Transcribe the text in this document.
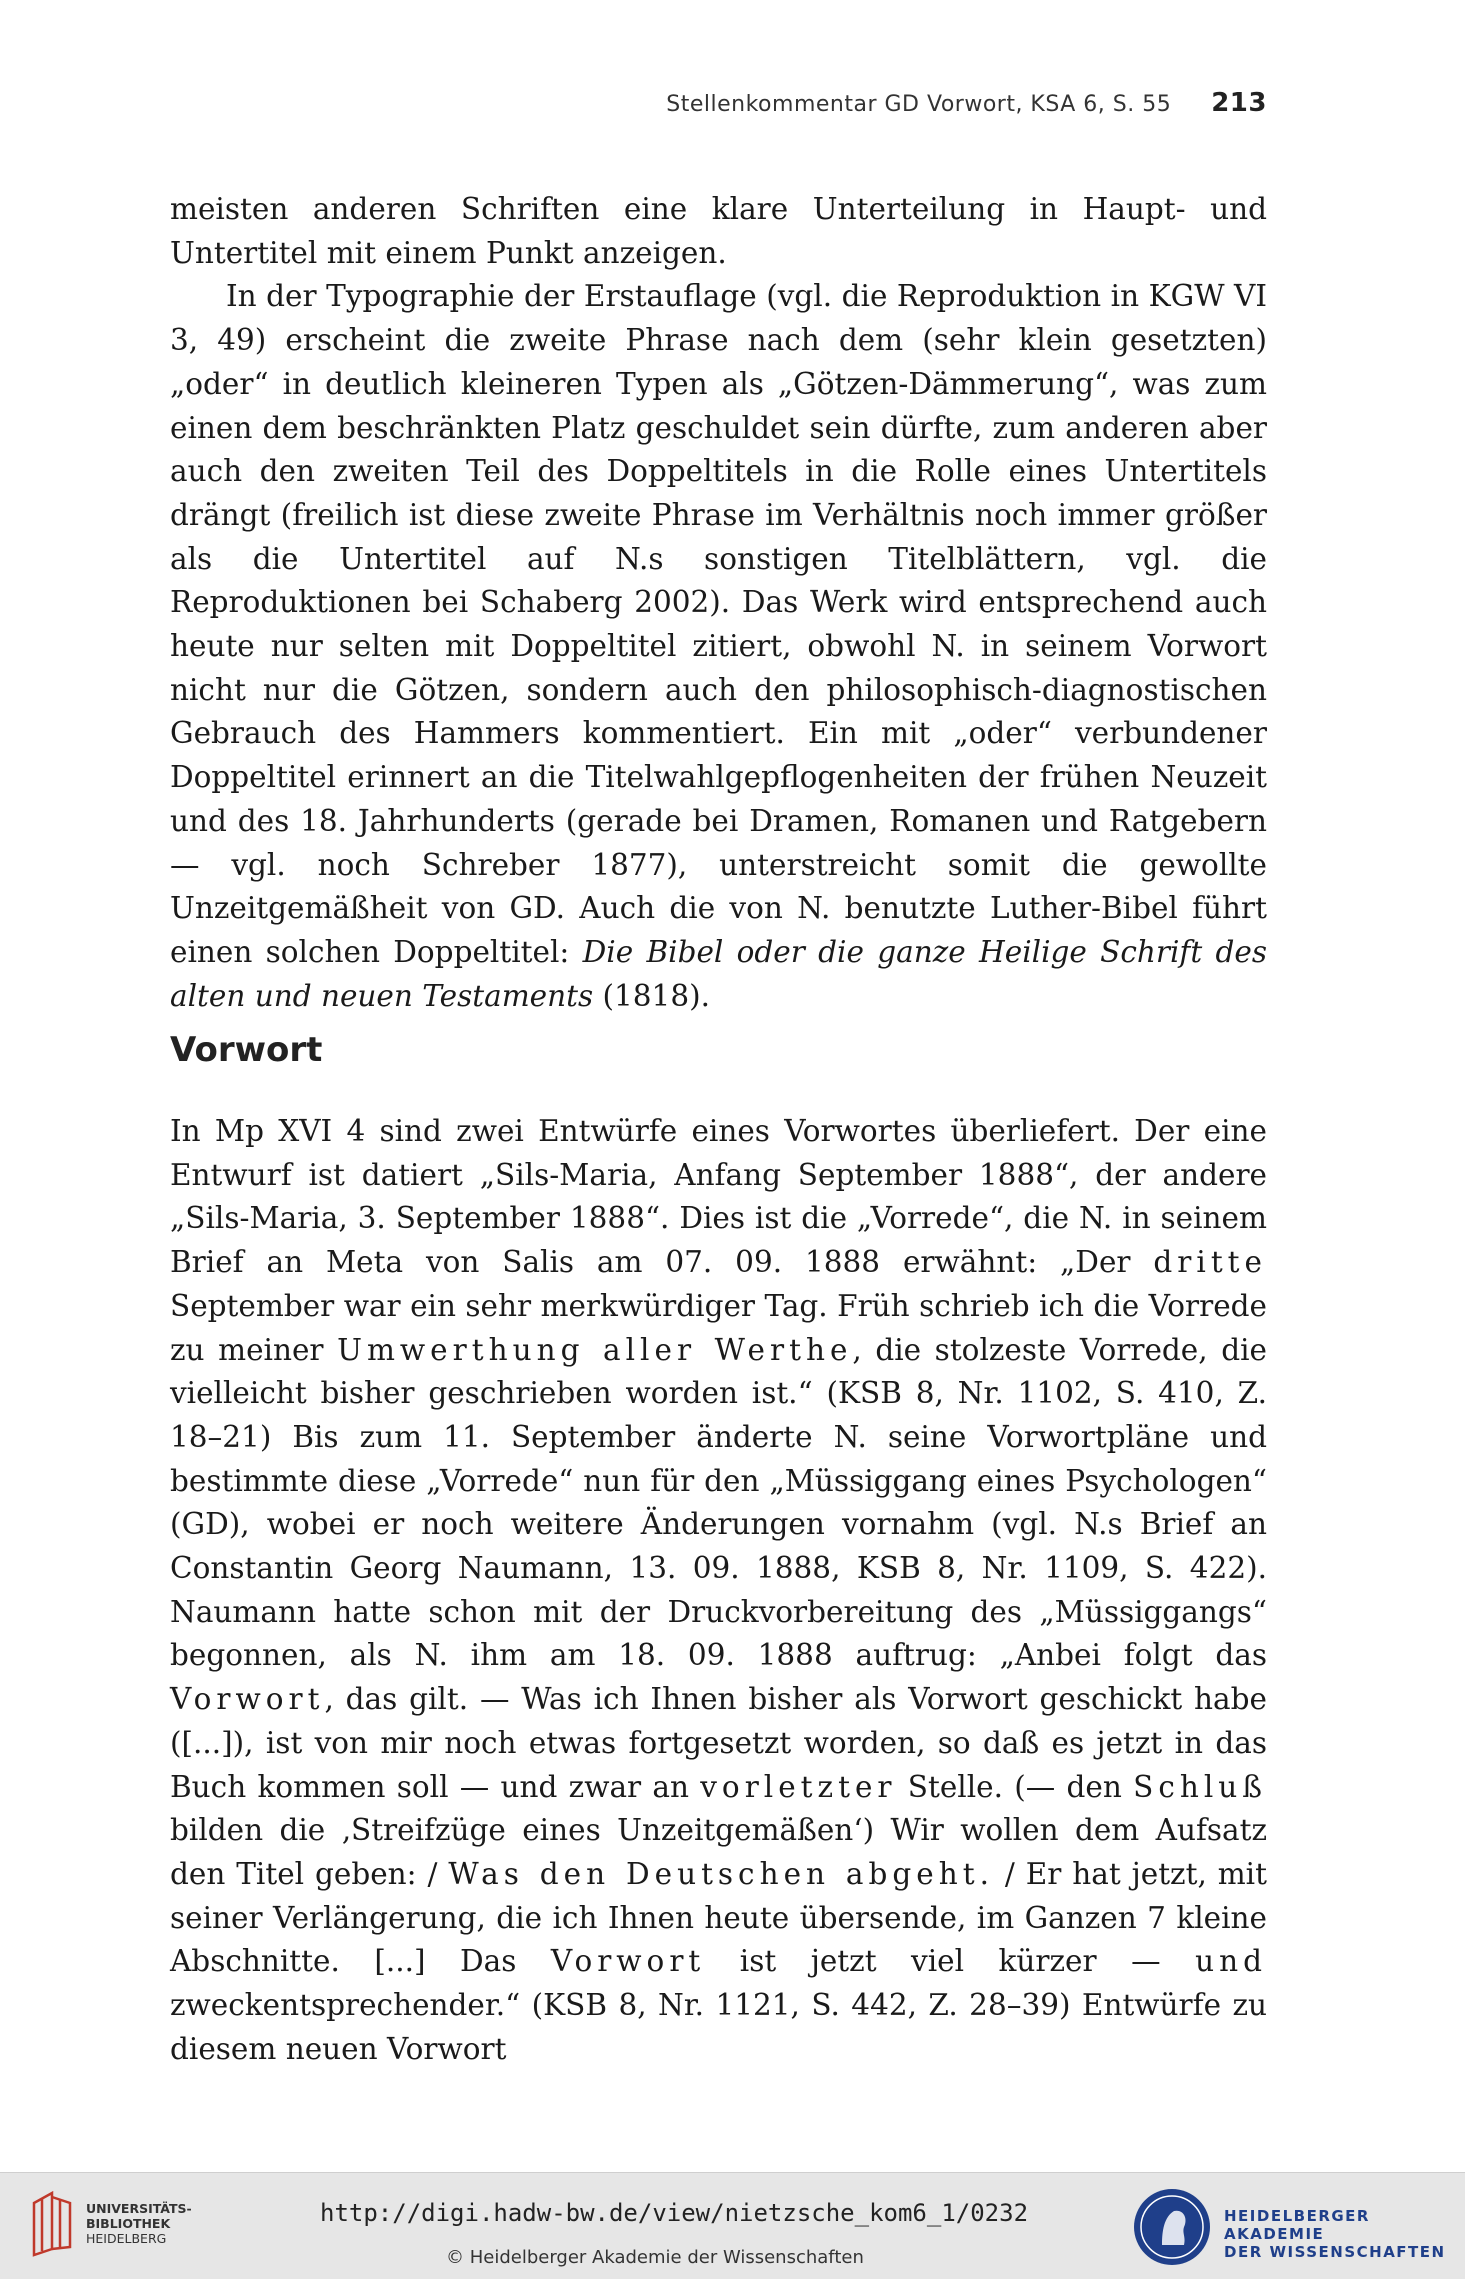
Stellenkommentar GD Vorwort, KSA 6, S. 55 213

meisten anderen Schriften eine klare Unterteilung in Haupt- und Untertitel mit einem Punkt anzeigen.

In der Typographie der Erstauflage (vgl. die Reproduktion in KGW VI 3, 49) erscheint die zweite Phrase nach dem (sehr klein gesetzten) „oder“ in deutlich kleineren Typen als „Götzen-Dämmerung“, was zum einen dem beschränkten Platz geschuldet sein dürfte, zum anderen aber auch den zweiten Teil des Doppeltitels in die Rolle eines Untertitels drängt (freilich ist diese zweite Phrase im Verhältnis noch immer größer als die Untertitel auf N.s sonstigen Titelblättern, vgl. die Reproduktionen bei Schaberg 2002). Das Werk wird entsprechend auch heute nur selten mit Doppeltitel zitiert, obwohl N. in seinem Vorwort nicht nur die Götzen, sondern auch den philosophisch-diagnostischen Gebrauch des Hammers kommentiert. Ein mit „oder“ verbundener Doppeltitel erinnert an die Titelwahlgepflogenheiten der frühen Neuzeit und des 18. Jahrhunderts (gerade bei Dramen, Romanen und Ratgebern — vgl. noch Schreber 1877), unterstreicht somit die gewollte Unzeitgemäßheit von GD. Auch die von N. benutzte Luther-Bibel führt einen solchen Doppeltitel: Die Bibel oder die ganze Heilige Schrift des alten und neuen Testaments (1818).

Vorwort

In Mp XVI 4 sind zwei Entwürfe eines Vorwortes überliefert. Der eine Entwurf ist datiert „Sils-Maria, Anfang September 1888“, der andere „Sils-Maria, 3. September 1888“. Dies ist die „Vorrede“, die N. in seinem Brief an Meta von Salis am 07. 09. 1888 erwähnt: „Der dritte September war ein sehr merkwürdiger Tag. Früh schrieb ich die Vorrede zu meiner Umwerthung aller Werthe, die stolzeste Vorrede, die vielleicht bisher geschrieben worden ist.“ (KSB 8, Nr. 1102, S. 410, Z. 18–21) Bis zum 11. September änderte N. seine Vorwortpläne und bestimmte diese „Vorrede“ nun für den „Müssiggang eines Psychologen“ (GD), wobei er noch weitere Änderungen vornahm (vgl. N.s Brief an Constantin Georg Naumann, 13. 09. 1888, KSB 8, Nr. 1109, S. 422). Naumann hatte schon mit der Druckvorbereitung des „Müssiggangs“ begonnen, als N. ihm am 18. 09. 1888 auftrug: „Anbei folgt das Vorwort, das gilt. — Was ich Ihnen bisher als Vorwort geschickt habe ([...]), ist von mir noch etwas fortgesetzt worden, so daß es jetzt in das Buch kommen soll — und zwar an vorletzter Stelle. (— den Schluß bilden die ‚Streifzüge eines Unzeitgemäßen‘) Wir wollen dem Aufsatz den Titel geben: / Was den Deutschen abgeht. / Er hat jetzt, mit seiner Verlängerung, die ich Ihnen heute übersende, im Ganzen 7 kleine Abschnitte. [...] Das Vorwort ist jetzt viel kürzer — und zweckentsprechender.“ (KSB 8, Nr. 1121, S. 442, Z. 28–39) Entwürfe zu diesem neuen Vorwort

UNIVERSITÄTS-
BIBLIOTHEK
HEIDELBERG
http://digi.hadw-bw.de/view/nietzsche_kom6_1/0232
© Heidelberger Akademie der Wissenschaften
HEIDELBERGER AKADEMIE
DER WISSENSCHAFTEN
